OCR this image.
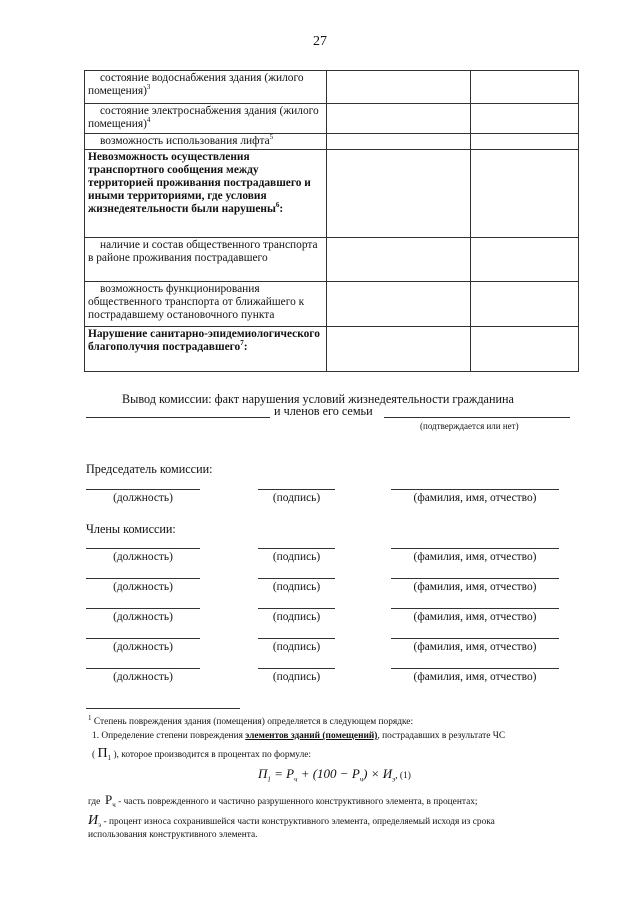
27
состояние водоснабжения здания (жилого помещения)$^3$		
состояние электроснабжения здания (жилого помещения)$^4$		
возможность использования лифта$^5$		
Невозможность осуществления транспортного сообщения между территорией проживания пострадавшего и иными территориями, где условия жизнедеятельности были нарушены$^6$:		
наличие и состав общественного транспорта в районе проживания пострадавшего		
возможность функционирования общественного транспорта от ближайшего к пострадавшему остановочного пункта		
Нарушение санитарно-эпидемиологического благополучия пострадавшего$^7$:		
Вывод комиссии: факт нарушения условий жизнедеятельности гражданина
и членов его семьи
(подтверждается или нет)
Председатель комиссии:
(должность)	(подпись)	(фамилия, имя, отчество)
Члены комиссии:
(должность)	(подпись)	(фамилия, имя, отчество)
(должность)	(подпись)	(фамилия, имя, отчество)
(должность)	(подпись)	(фамилия, имя, отчество)
(должность)	(подпись)	(фамилия, имя, отчество)
(должность)	(подпись)	(фамилия, имя, отчество)
$^1$ Степень повреждения здания (помещения) определяется в следующем порядке:
1. Определение степени повреждения элементов зданий (помещений), пострадавших в результате ЧС
( $П_1$ ), которое производится в процентах по формуле:
$П_1 = Р_ч + (100 - Р_ч) \times И_э$, (1)
где $Р_ч$ - часть поврежденного и частично разрушенного конструктивного элемента, в процентах;
$И_э$ - процент износа сохранившейся части конструктивного элемента, определяемый исходя из срока
использования конструктивного элемента.
